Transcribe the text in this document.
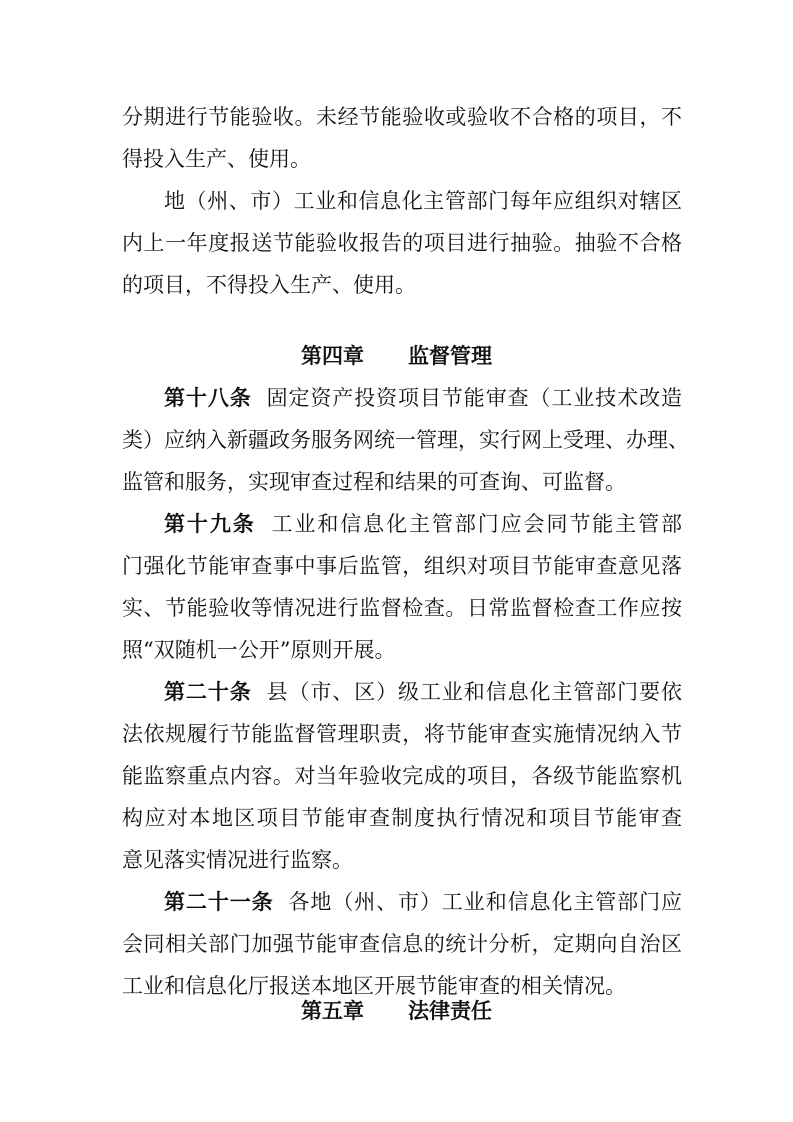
分期进行节能验收。未经节能验收或验收不合格的项目，不
得投入生产、使用。
地（州、市）工业和信息化主管部门每年应组织对辖区
内上一年度报送节能验收报告的项目进行抽验。抽验不合格
的项目，不得投入生产、使用。
第四章 监督管理
第十八条 固定资产投资项目节能审查（工业技术改造
类）应纳入新疆政务服务网统一管理，实行网上受理、办理、
监管和服务，实现审查过程和结果的可查询、可监督。
第十九条 工业和信息化主管部门应会同节能主管部
门强化节能审查事中事后监管，组织对项目节能审查意见落
实、节能验收等情况进行监督检查。日常监督检查工作应按
照“双随机一公开”原则开展。
第二十条 县（市、区）级工业和信息化主管部门要依
法依规履行节能监督管理职责，将节能审查实施情况纳入节
能监察重点内容。对当年验收完成的项目，各级节能监察机
构应对本地区项目节能审查制度执行情况和项目节能审查
意见落实情况进行监察。
第二十一条 各地（州、市）工业和信息化主管部门应
会同相关部门加强节能审查信息的统计分析，定期向自治区
工业和信息化厅报送本地区开展节能审查的相关情况。
第五章 法律责任
